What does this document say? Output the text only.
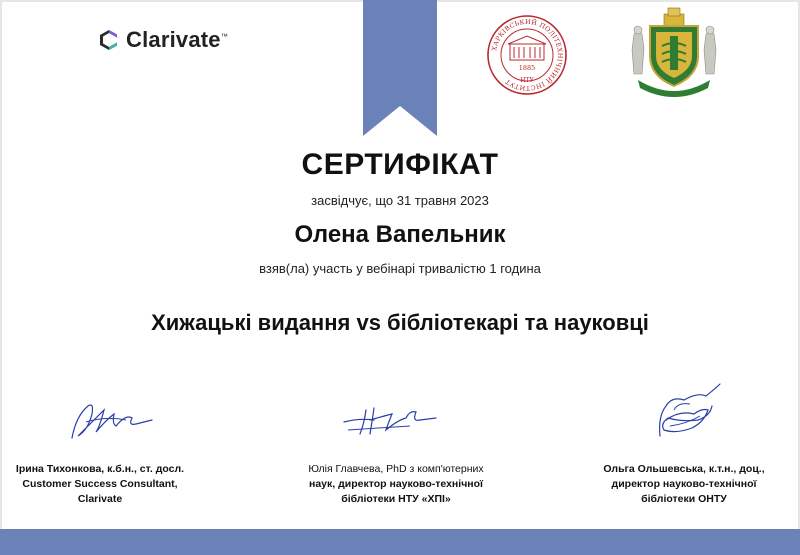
Clarivate™
ХАРКІВСЬКИЙ ПОЛІТЕХНІЧНИЙ ІНСТИТУТ
1885
НТУ
СЕРТИФІКАТ
засвідчує, що 31 травня 2023
Олена Вапельник
взяв(ла) участь у вебінарі тривалістю 1 година
Хижацькі видання vs бібліотекарі та науковці
Ірина Тихонкова, к.б.н., ст. досл.
Customer Success Consultant,
Clarivate
Юлія Главчева, PhD з комп'ютерних
наук, директор науково-технічної
бібліотеки НТУ «ХПІ»
Ольга Ольшевська, к.т.н., доц.,
директор науково-технічної
бібліотеки ОНТУ
